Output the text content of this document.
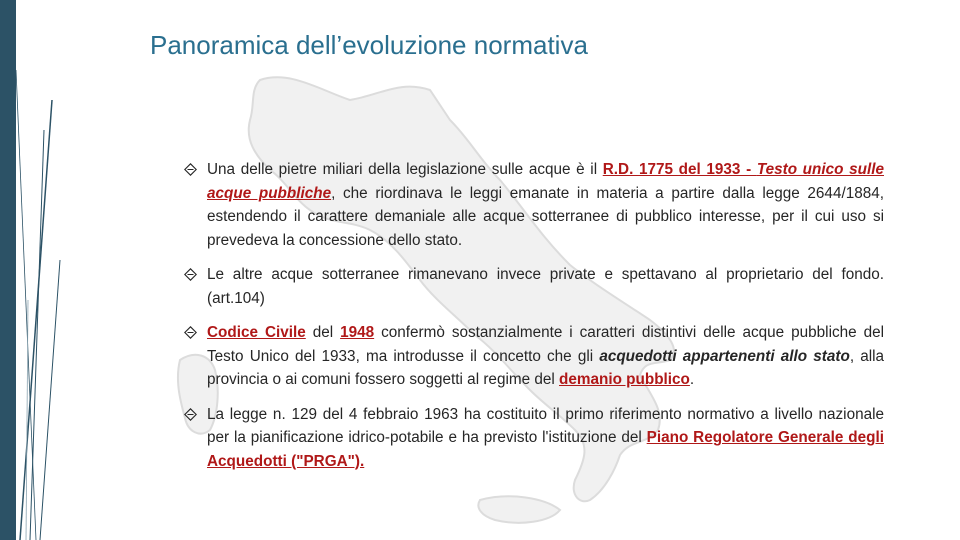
Panoramica dell’evoluzione normativa
Una delle pietre miliari della legislazione sulle acque è il R.D. 1775 del 1933 - Testo unico sulle acque pubbliche, che riordinava le leggi emanate in materia a partire dalla legge 2644/1884, estendendo il carattere demaniale alle acque sotterranee di pubblico interesse, per il cui uso si prevedeva la concessione dello stato.
Le altre acque sotterranee rimanevano invece private e spettavano al proprietario del fondo.(art.104)
Codice Civile del 1948 confermò sostanzialmente i caratteri distintivi delle acque pubbliche del Testo Unico del 1933, ma introdusse il concetto che gli acquedotti appartenenti allo stato, alla provincia o ai comuni fossero soggetti al regime del demanio pubblico.
La legge n. 129 del 4 febbraio 1963 ha costituito il primo riferimento normativo a livello nazionale per la pianificazione idrico-potabile e ha previsto l'istituzione del Piano Regolatore Generale degli Acquedotti ("PRGA").
